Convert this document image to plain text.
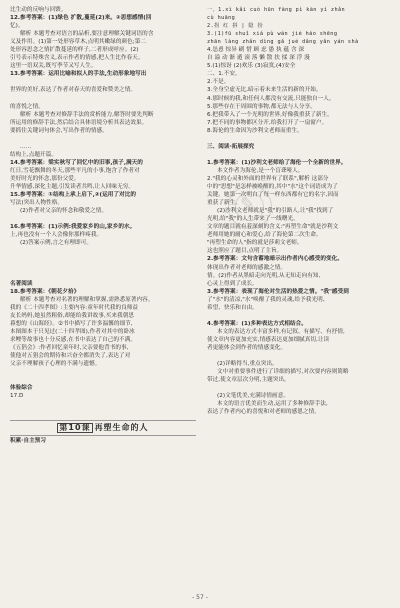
比生动的反响与回馈。
12.参考答案：(1)绿色 扩散,蔓延(2)来。②思想感情(回
忆)。
解析 本题考查对语言的品析,要注意理解关键词语的含
义及作用。(1)第一处形容草木,点明其嫩绿的颜色;第二
处形容思念之情扩散蔓延的样子,二者形成呼应。(2)
引号表示特殊含义,表示作者的情感,把人生比作春天。
这里一语双关,既写季节又写人生。
13.参考答案：运用比喻和拟人的手法,生动形象地写出

世界的美好,表达了作者对春天的喜爱和赞美之情。

的喜悦之情。
解析 本题考查对修辞手法的赏析能力,解答时要先判断
所运用的修辞手法,然后结合具体语境分析其表达效果。
要抓住关键词句体会,写出作者的情感。

……
结构上,点题开篇。
14.参考答案：梁实秋写了回忆中的旧事,孩子,满天的
红日,雪花飘舞的冬天,那些平凡的小事,饱含了作者对
美好时光的怀念,那份父爱。
升华情感,深化主题,引发读者共鸣,让人回味无穷。
15.参考答案：①结构上承上启下,②(运用了对比的
写法)突出人物性格。
(2)作者对父亲的怀念和敬爱之情。

16.参考答案：(1)示例:我爱家乡的山,家乡的水。
上,再也没有一个人会像你那样疼我。
(2)答案示例,言之有理即可。

名著阅读
18.参考答案：《朝花夕拾》
解析 本题考查对名著的理解和掌握,需熟悉原著内容。
我的《二十四孝图》:主要内容:童年时代我的良师益
友长妈妈,她虽然粗俗,却能给我讲故事,买来我朝思
暮想的《山海经》。②书中描写了许多温馨的细节,
本图图本于只见过(二十四孝图),作者对其中的卧冰
求鲤等故事也十分反感,在书中表达了自己的不满。
《五猖会》:作者回忆童年时,父亲要他背书的事,
使他对五猖会的期待和兴奋全都消失了,表达了对
父亲不理解孩子心理的不满与遗憾。

体验综合
17.D

第10课 再塑生命的人
积累·自主预习
一、1.xì kǎi cuò hūn fàng pì kàn yí zhǎn
cù huāng
2.拐 红 拼 | 隐 扮
3.(1)fū shuǐ xiá pù wán jié háo shēng
zhān làng zhǎn dìng gǎ jué dǎng yǎn yán shà
4.怂恿 惊异 刷 惜 顾 虑 愚 执 蕴 含 深
自 溢 动 渐 遁 滚 落 懒 散 扶 揉 深 浮 漫
5.(1)惊讶 (2)欢乐 (3)寂寞,(4)安全
二、1.不安。
2.不是。
3.全身空虚无比,暗示着未来生活的新的开始。
4.那时候的我,和任何人都没有交流,只能独自一人。
5.那些存在于周围的事物,都无法与人分享。
6.把我带入了一个光明的世界,好像我重获了新生。
7.把不同的事物都区分开,给我打开了一扇窗户。
8.海伦的生命因为沙利文老师而重生。

三、阅读·拓展探究

1.参考答案：(1)沙利文老师给了海伦一个全新的世界。
本文作者为海伦,是一个盲聋哑人。
2."我的心灵和外面的世界有了联系",解析 这部分
中的"思想"是怎样被唤醒的,其中"水"这个词语成为了
关键。她第一次明白了每一样东西都有它的名字,因而
重获了新生。
(2)沙利文老师就是"我"的引路人,让"我"找到了
光明,给"我"的人生带来了一线曙光。
文章的题目就有着深刻的含义:"再塑生命"就是沙利文
老师用她的耐心和爱心,给了海伦第二次生命。
"再塑生命的人"指的就是莎莉文老师。
这也照应了题目,点明了主旨。
2.参考答案：文句含蓄地暗示出作者内心感受的变化。
体现出作者对老师的感激之情。
情。(2)作者从黑暗走向光明,从无知走向有知,
心灵上得到了成长。
3.参考答案：表现了海伦对生活的热爱之情。"我"感受到
了"水"的清凉,"水"唤醒了我的灵魂,给予我光明、
希望、快乐和自由。

4.参考答案：(1)多种表达方式相结合。
本文的表达方式丰富多样,有记叙、有描写、有抒情,
使文章内容更加充实,情感表达更加细腻真切,让读
者更能体会到作者的情感变化。

(2)详略得当,重点突出。
文中对重要事件进行了详细的描写,对次要内容则简略
带过,使文章层次分明,主题突出。

(2)文笔优美,充满诗情画意。
本文的语言优美而生动,运用了多种修辞手法,
表达了作者内心的喜悦和对老师的感恩之情。
✎
- 57 -
